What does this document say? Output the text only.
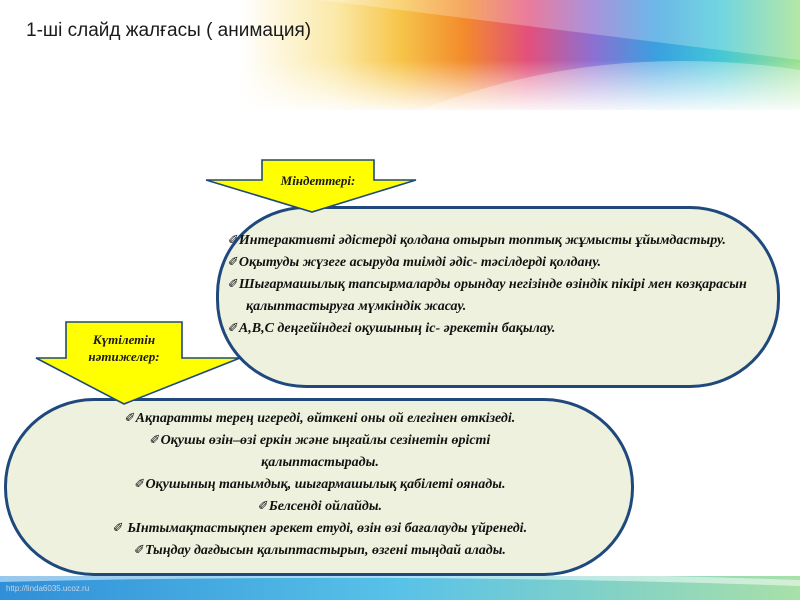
1-ші слайд жалғасы ( анимация)
Міндеттері:
Күтілетін
нәтижелер:
✐Интерактивті әдістерді қолдана отырып топтық жұмысты ұйымдастыру.
✐Оқытуды жүзеге асыруда тиімді әдіс- тәсілдерді қолдану.
✐Шығармашылық тапсырмаларды орындау негізінде өзіндік пікірі мен көзқарасын қалыптастыруға мүмкіндік жасау.
✐А,В,С деңгейіндегі оқушының іс- әрекетін бақылау.
✐Ақпаратты терең игереді, өйткені оны ой елегінен өткізеді.
✐Оқушы өзін–өзі еркін және ыңғайлы сезінетін өрісті қалыптастырады.
✐Оқушының танымдық, шығармашылық қабілеті оянады.
✐Белсенді ойлайды.
✐ Ынтымақтастықпен әрекет етуді, өзін өзі бағалауды үйренеді.
✐Тыңдау дағдысын қалыптастырып, өзгені тыңдай алады.
http://linda6035.ucoz.ru
